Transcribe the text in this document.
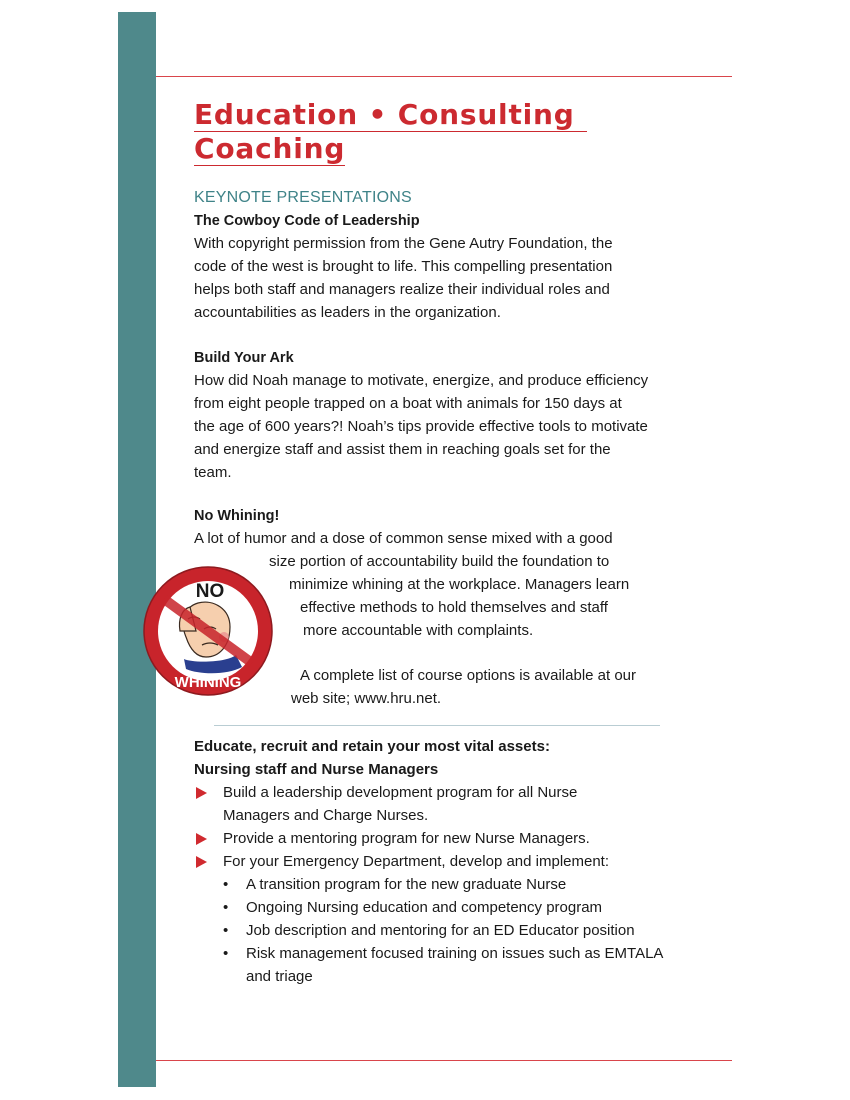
Education • Consulting
Coaching
KEYNOTE PRESENTATIONS
The Cowboy Code of Leadership

With copyright permission from the Gene Autry Foundation, the
code of the west is brought to life. This compelling presentation
helps both staff and managers realize their individual roles and
accountabilities as leaders in the organization.

Build Your Ark

How did Noah manage to motivate, energize, and produce efficiency
from eight people trapped on a boat with animals for 150 days at
the age of 600 years?! Noah’s tips provide effective tools to motivate
and energize staff and assist them in reaching goals set for the
team.

No Whining!

A lot of humor and a dose of common sense mixed with a good
size portion of accountability build the foundation to
minimize whining at the workplace. Managers learn
effective methods to hold themselves and staff
more accountable with complaints.

A complete list of course options is available at our
web site; www.hru.net.

NO
WHINING
Educate, recruit and retain your most vital assets:
Nursing staff and Nurse Managers
Build a leadership development program for all Nurse
Managers and Charge Nurses.
Provide a mentoring program for new Nurse Managers.
For your Emergency Department, develop and implement:
• A transition program for the new graduate Nurse
• Ongoing Nursing education and competency program
• Job description and mentoring for an ED Educator position
• Risk management focused training on issues such as EMTALA
and triage
